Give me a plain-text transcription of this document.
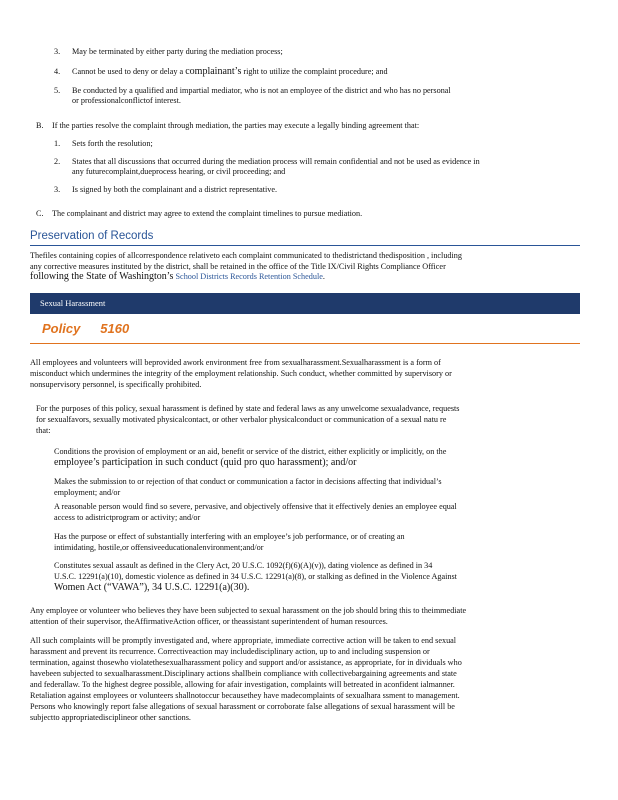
3.	May be terminated by either party during the mediation process;
4.	Cannot be used to deny or delay a complainant’s right to utilize the complaint procedure; and
5.	Be conducted by a qualified and impartial mediator, who is not an employee of the district and who has no personal
or professionalconflictof interest.
B.	If the parties resolve the complaint through mediation, the parties may execute a legally binding agreement that:
1.	Sets forth the resolution;
2.	States that all discussions that occurred during the mediation process will remain confidential and not be used as evidence in
any futurecomplaint,dueprocess hearing, or civil proceeding; and
3.	Is signed by both the complainant and a district representative.
C.	The complainant and district may agree to extend the complaint timelines to pursue mediation.
Preservation of Records
Thefiles containing copies of allcorrespondence relativeto each complaint communicated to thedistrictand thedisposition , including
any corrective measures instituted by the district, shall be retained in the office of the Title IX/Civil Rights Compliance Officer
following the State of Washington’s School Districts Records Retention Schedule.
Sexual Harassment
Policy 5160
All employees and volunteers will beprovided awork environment free from sexualharassment.Sexualharassment is a form of
misconduct which undermines the integrity of the employment relationship. Such conduct, whether committed by supervisory or
nonsupervisory personnel, is specifically prohibited.
For the purposes of this policy, sexual harassment is defined by state and federal laws as any unwelcome sexualadvance, requests
for sexualfavors, sexually motivated physicalcontact, or other verbalor physicalconduct or communication of a sexual natu re
that:
Conditions the provision of employment or an aid, benefit or service of the district, either explicitly or implicitly, on the
employee’s participation in such conduct (quid pro quo harassment); and/or
Makes the submission to or rejection of that conduct or communication a factor in decisions affecting that individual’s
employment; and/or
A reasonable person would find so severe, pervasive, and objectively offensive that it effectively denies an employee equal
access to adistrictprogram or activity; and/or
Has the purpose or effect of substantially interfering with an employee’s job performance, or of creating an
intimidating, hostile,or offensiveeducationalenvironment;and/or
Constitutes sexual assault as defined in the Clery Act, 20 U.S.C. 1092(f)(6)(A)(v)), dating violence as defined in 34
U.S.C. 12291(a)(10), domestic violence as defined in 34 U.S.C. 12291(a)(8), or stalking as defined in the Violence Against
Women Act (“VAWA”), 34 U.S.C. 12291(a)(30).
Any employee or volunteer who believes they have been subjected to sexual harassment on the job should bring this to theimmediate
attention of their supervisor, theAffirmativeAction officer, or theassistant superintendent of human resources.
All such complaints will be promptly investigated and, where appropriate, immediate corrective action will be taken to end sexual
harassment and prevent its recurrence. Correctiveaction may includedisciplinary action, up to and including suspension or
termination, against thosewho violatethesexualharassment policy and support and/or assistance, as appropriate, for in dividuals who
havebeen subjected to sexualharassment.Disciplinary actions shallbein compliance with collectivebargaining agreements and state
and federallaw. To the highest degree possible, allowing for afair investigation, complaints will betreated in aconfident ialmanner.
Retaliation against employees or volunteers shallnotoccur becausethey have madecomplaints of sexualhara ssment to management.
Persons who knowingly report false allegations of sexual harassment or corroborate false allegations of sexual harassment will be
subjectto appropriatedisciplineor other sanctions.
